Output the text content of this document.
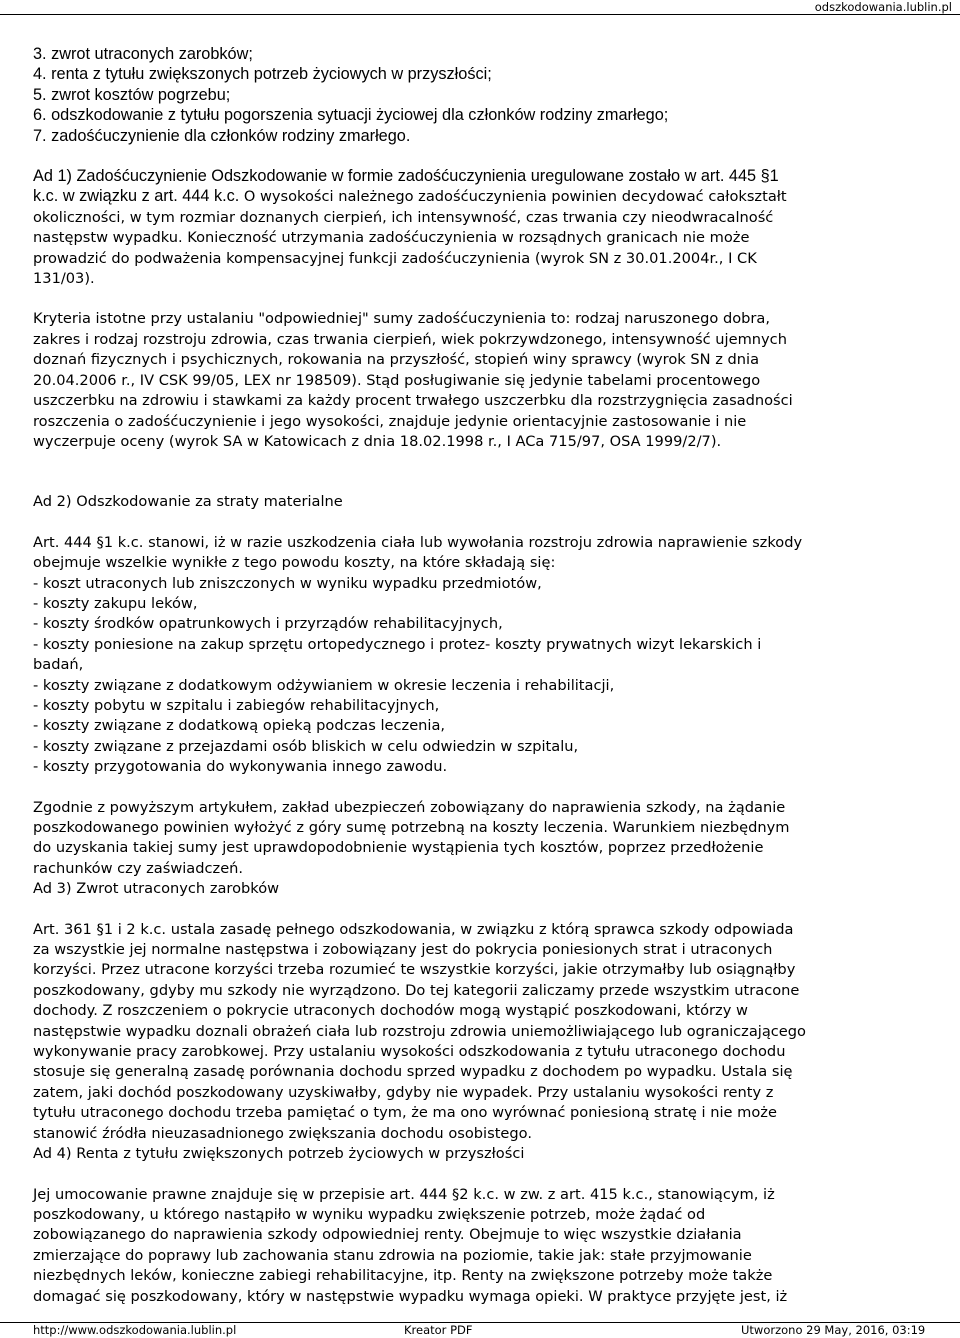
odszkodowania.lublin.pl

3. zwrot utraconych zarobków;

4. renta z tytułu zwiększonych potrzeb życiowych w przyszłości;

5. zwrot kosztów pogrzebu;

6. odszkodowanie z tytułu pogorszenia sytuacji życiowej dla członków rodziny zmarłego;

7. zadośćuczynienie dla członków rodziny zmarłego.

Ad 1) Zadośćuczynienie Odszkodowanie w formie zadośćuczynienia uregulowane zostało w art. 445 §1

k.c. w związku z art. 444 k.c. O wysokości należnego zadośćuczynienia powinien decydować całokształt

okoliczności, w tym rozmiar doznanych cierpień, ich intensywność, czas trwania czy nieodwracalność

następstw wypadku. Konieczność utrzymania zadośćuczynienia w rozsądnych granicach nie może

prowadzić do podważenia kompensacyjnej funkcji zadośćuczynienia (wyrok SN z 30.01.2004r., I CK

131/03).

Kryteria istotne przy ustalaniu "odpowiedniej" sumy zadośćuczynienia to: rodzaj naruszonego dobra,

zakres i rodzaj rozstroju zdrowia, czas trwania cierpień, wiek pokrzywdzonego, intensywność ujemnych

doznań fizycznych i psychicznych, rokowania na przyszłość, stopień winy sprawcy (wyrok SN z dnia

20.04.2006 r., IV CSK 99/05, LEX nr 198509). Stąd posługiwanie się jedynie tabelami procentowego

uszczerbku na zdrowiu i stawkami za każdy procent trwałego uszczerbku dla rozstrzygnięcia zasadności

roszczenia o zadośćuczynienie i jego wysokości, znajduje jedynie orientacyjnie zastosowanie i nie

wyczerpuje oceny (wyrok SA w Katowicach z dnia 18.02.1998 r., I ACa 715/97, OSA 1999/2/7).

Ad 2) Odszkodowanie za straty materialne

Art. 444 §1 k.c. stanowi, iż w razie uszkodzenia ciała lub wywołania rozstroju zdrowia naprawienie szkody

obejmuje wszelkie wynikłe z tego powodu koszty, na które składają się:

- koszt utraconych lub zniszczonych w wyniku wypadku przedmiotów,

- koszty zakupu leków,

- koszty środków opatrunkowych i przyrządów rehabilitacyjnych,

- koszty poniesione na zakup sprzętu ortopedycznego i protez- koszty prywatnych wizyt lekarskich i

badań,

- koszty związane z dodatkowym odżywianiem w okresie leczenia i rehabilitacji,

- koszty pobytu w szpitalu i zabiegów rehabilitacyjnych,

- koszty związane z dodatkową opieką podczas leczenia,

- koszty związane z przejazdami osób bliskich w celu odwiedzin w szpitalu,

- koszty przygotowania do wykonywania innego zawodu.

Zgodnie z powyższym artykułem, zakład ubezpieczeń zobowiązany do naprawienia szkody, na żądanie

poszkodowanego powinien wyłożyć z góry sumę potrzebną na koszty leczenia. Warunkiem niezbędnym

do uzyskania takiej sumy jest uprawdopodobnienie wystąpienia tych kosztów, poprzez przedłożenie

rachunków czy zaświadczeń.

Ad 3) Zwrot utraconych zarobków

Art. 361 §1 i 2 k.c. ustala zasadę pełnego odszkodowania, w związku z którą sprawca szkody odpowiada

za wszystkie jej normalne następstwa i zobowiązany jest do pokrycia poniesionych strat i utraconych

korzyści. Przez utracone korzyści trzeba rozumieć te wszystkie korzyści, jakie otrzymałby lub osiągnąłby

poszkodowany, gdyby mu szkody nie wyrządzono. Do tej kategorii zaliczamy przede wszystkim utracone

dochody. Z roszczeniem o pokrycie utraconych dochodów mogą wystąpić poszkodowani, którzy w

następstwie wypadku doznali obrażeń ciała lub rozstroju zdrowia uniemożliwiającego lub ograniczającego

wykonywanie pracy zarobkowej. Przy ustalaniu wysokości odszkodowania z tytułu utraconego dochodu

stosuje się generalną zasadę porównania dochodu sprzed wypadku z dochodem po wypadku. Ustala się

zatem, jaki dochód poszkodowany uzyskiwałby, gdyby nie wypadek. Przy ustalaniu wysokości renty z

tytułu utraconego dochodu trzeba pamiętać o tym, że ma ono wyrównać poniesioną stratę i nie może

stanowić źródła nieuzasadnionego zwiększania dochodu osobistego.

Ad 4) Renta z tytułu zwiększonych potrzeb życiowych w przyszłości

Jej umocowanie prawne znajduje się w przepisie art. 444 §2 k.c. w zw. z art. 415 k.c., stanowiącym, iż

poszkodowany, u którego nastąpiło w wyniku wypadku zwiększenie potrzeb, może żądać od

zobowiązanego do naprawienia szkody odpowiedniej renty. Obejmuje to więc wszystkie działania

zmierzające do poprawy lub zachowania stanu zdrowia na poziomie, takie jak: stałe przyjmowanie

niezbędnych leków, konieczne zabiegi rehabilitacyjne, itp. Renty na zwiększone potrzeby może także

domagać się poszkodowany, który w następstwie wypadku wymaga opieki. W praktyce przyjęte jest, iż

http://www.odszkodowania.lublin.pl	Kreator PDF	Utworzono 29 May, 2016, 03:19
